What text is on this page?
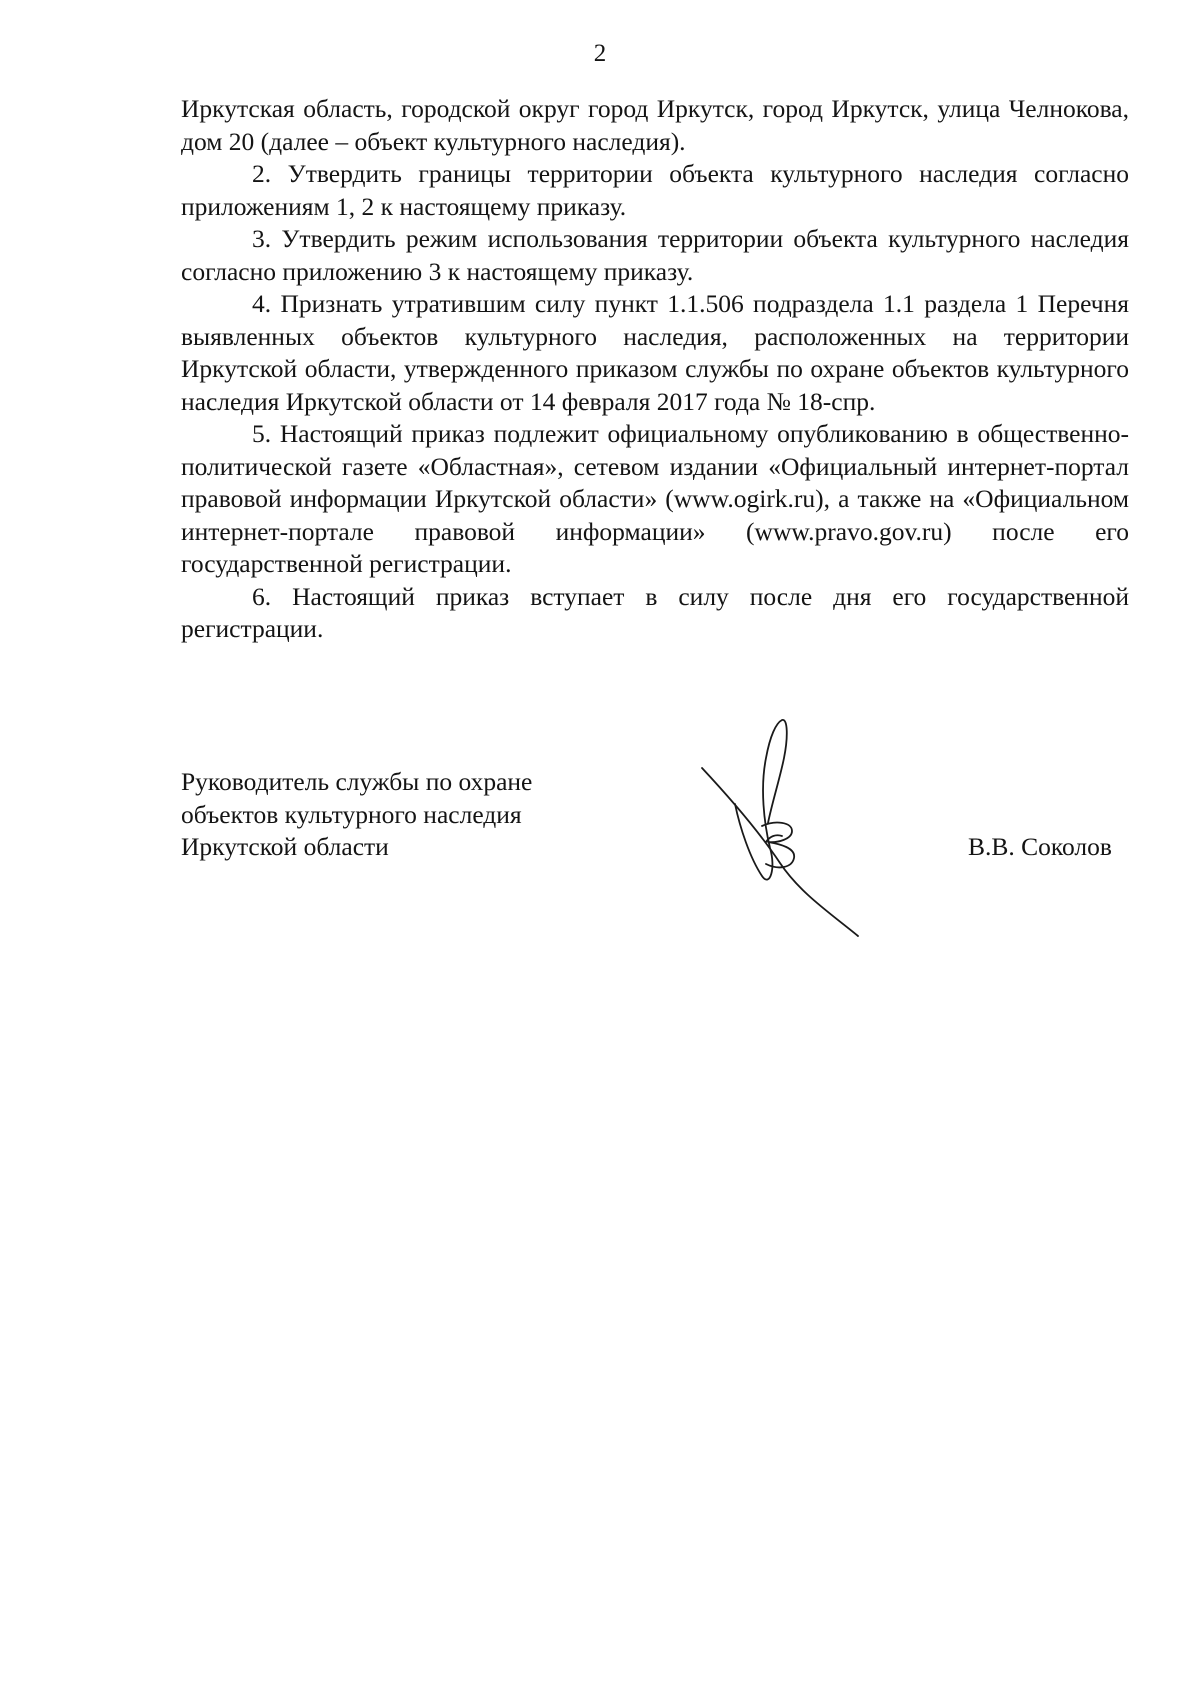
2

Иркутская область, городской округ город Иркутск, город Иркутск, улица Челнокова, дом 20 (далее – объект культурного наследия).

2. Утвердить границы территории объекта культурного наследия согласно приложениям 1, 2 к настоящему приказу.

3. Утвердить режим использования территории объекта культурного наследия согласно приложению 3 к настоящему приказу.

4. Признать утратившим силу пункт 1.1.506 подраздела 1.1 раздела 1 Перечня выявленных объектов культурного наследия, расположенных на территории Иркутской области, утвержденного приказом службы по охране объектов культурного наследия Иркутской области от 14 февраля 2017 года № 18-спр.

5. Настоящий приказ подлежит официальному опубликованию в общественно-политической газете «Областная», сетевом издании «Официальный интернет-портал правовой информации Иркутской области» (www.ogirk.ru), а также на «Официальном интернет-портале правовой информации» (www.pravo.gov.ru) после его государственной регистрации.

6. Настоящий приказ вступает в силу после дня его государственной регистрации.

Руководитель службы по охране
объектов культурного наследия
Иркутской области	В.В. Соколов
